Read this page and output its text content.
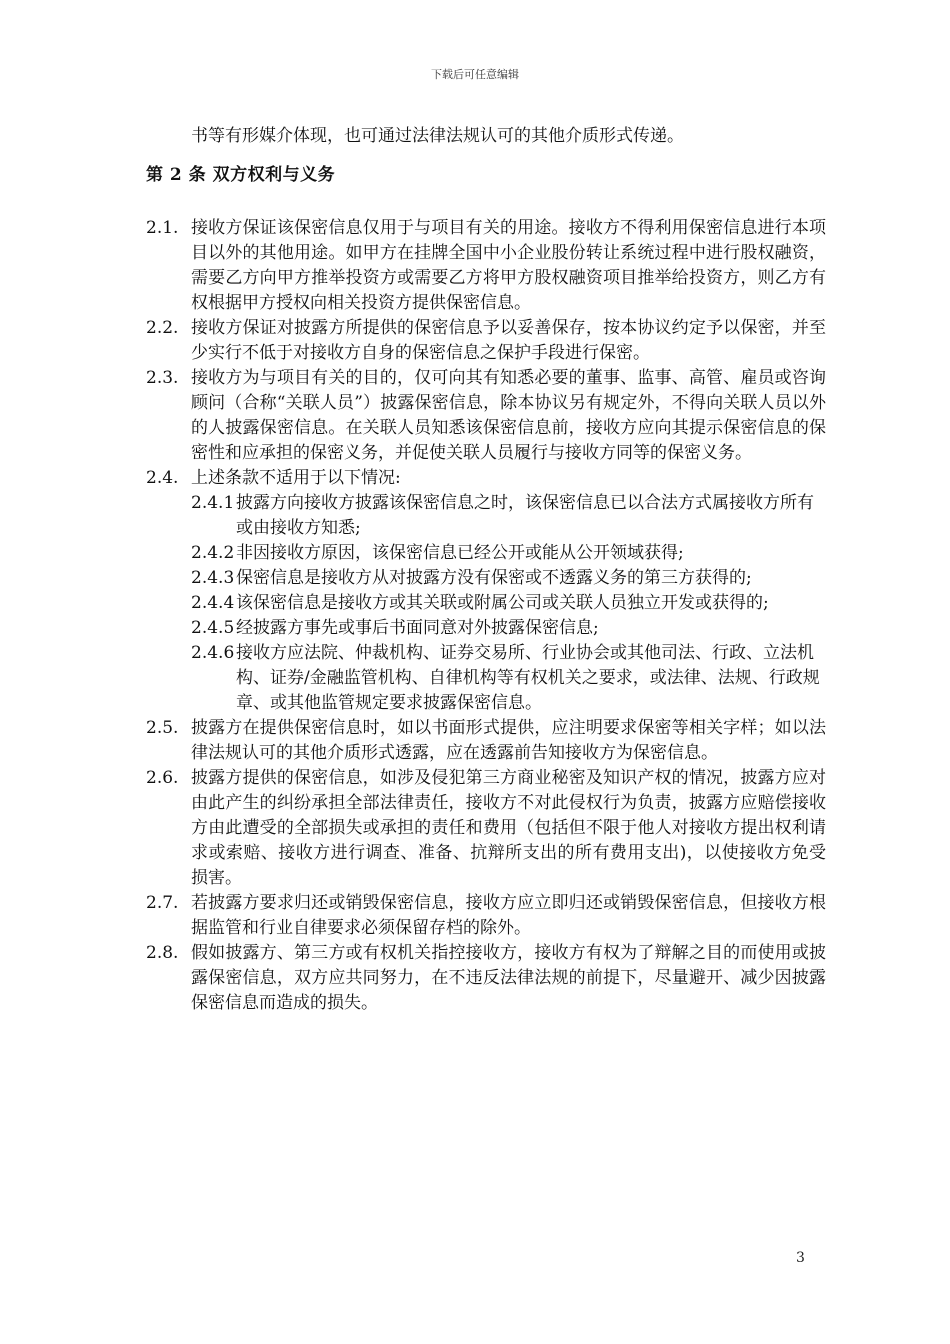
下载后可任意编辑

书等有形媒介体现，也可通过法律法规认可的其他介质形式传递。

第 2 条 双方权利与义务
2.1. 接收方保证该保密信息仅用于与项目有关的用途。接收方不得利用保密信息进行本项目以外的其他用途。如甲方在挂牌全国中小企业股份转让系统过程中进行股权融资，需要乙方向甲方推举投资方或需要乙方将甲方股权融资项目推举给投资方，则乙方有权根据甲方授权向相关投资方提供保密信息。
2.2. 接收方保证对披露方所提供的保密信息予以妥善保存，按本协议约定予以保密，并至少实行不低于对接收方自身的保密信息之保护手段进行保密。
2.3. 接收方为与项目有关的目的，仅可向其有知悉必要的董事、监事、高管、雇员或咨询顾问（合称“关联人员”）披露保密信息，除本协议另有规定外，不得向关联人员以外的人披露保密信息。在关联人员知悉该保密信息前，接收方应向其提示保密信息的保密性和应承担的保密义务，并促使关联人员履行与接收方同等的保密义务。
2.4. 上述条款不适用于以下情况:
2.4.1 披露方向接收方披露该保密信息之时，该保密信息已以合法方式属接收方所有或由接收方知悉;
2.4.2 非因接收方原因，该保密信息已经公开或能从公开领域获得;
2.4.3 保密信息是接收方从对披露方没有保密或不透露义务的第三方获得的;
2.4.4 该保密信息是接收方或其关联或附属公司或关联人员独立开发或获得的;
2.4.5 经披露方事先或事后书面同意对外披露保密信息;
2.4.6 接收方应法院、仲裁机构、证券交易所、行业协会或其他司法、行政、立法机构、证券/金融监管机构、自律机构等有权机关之要求，或法律、法规、行政规章、或其他监管规定要求披露保密信息。
2.5. 披露方在提供保密信息时，如以书面形式提供，应注明要求保密等相关字样；如以法律法规认可的其他介质形式透露，应在透露前告知接收方为保密信息。
2.6. 披露方提供的保密信息，如涉及侵犯第三方商业秘密及知识产权的情况，披露方应对由此产生的纠纷承担全部法律责任，接收方不对此侵权行为负责，披露方应赔偿接收方由此遭受的全部损失或承担的责任和费用（包括但不限于他人对接收方提出权利请求或索赔、接收方进行调查、准备、抗辩所支出的所有费用支出)，以使接收方免受损害。
2.7. 若披露方要求归还或销毁保密信息，接收方应立即归还或销毁保密信息，但接收方根据监管和行业自律要求必须保留存档的除外。
2.8. 假如披露方、第三方或有权机关指控接收方，接收方有权为了辩解之目的而使用或披露保密信息，双方应共同努力，在不违反法律法规的前提下，尽量避开、减少因披露保密信息而造成的损失。
3
